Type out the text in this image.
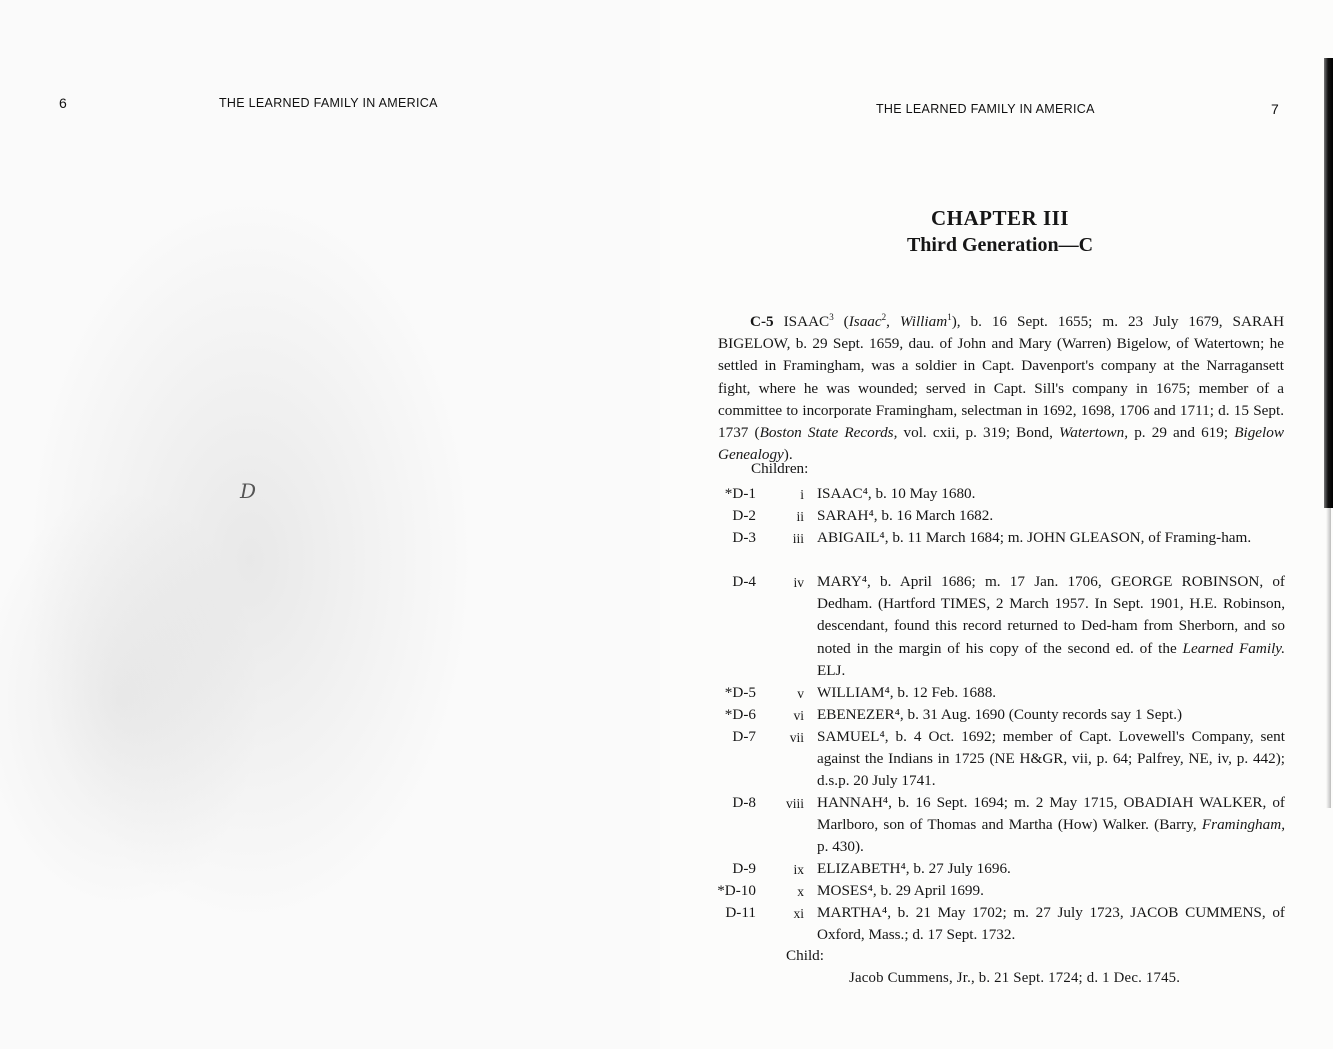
6	THE LEARNED FAMILY IN AMERICA
D
THE LEARNED FAMILY IN AMERICA	7
CHAPTER III
Third Generation—C
C-5 ISAAC$^3$ (Isaac$^2$, William$^1$), b. 16 Sept. 1655; m. 23 July 1679, SARAH BIGELOW, b. 29 Sept. 1659, dau. of John and Mary (Warren) Bigelow, of Watertown; he settled in Framingham, was a soldier in Capt. Davenport's company at the Narragansett fight, where he was wounded; served in Capt. Sill's company in 1675; member of a committee to incorporate Framingham, selectman in 1692, 1698, 1706 and 1711; d. 15 Sept. 1737 (Boston State Records, vol. cxii, p. 319; Bond, Watertown, p. 29 and 619; Bigelow Genealogy).
Children:
*D-1	i ISAAC⁴, b. 10 May 1680.
D-2	ii SARAH⁴, b. 16 March 1682.
D-3	iii ABIGAIL⁴, b. 11 March 1684; m. JOHN GLEASON, of Framing-ham.
D-4	iv MARY⁴, b. April 1686; m. 17 Jan. 1706, GEORGE ROBINSON, of Dedham. (Hartford TIMES, 2 March 1957. In Sept. 1901, H.E. Robinson, descendant, found this record returned to Ded-ham from Sherborn, and so noted in the margin of his copy of the second ed. of the Learned Family. ELJ.
*D-5	v WILLIAM⁴, b. 12 Feb. 1688.
*D-6	vi EBENEZER⁴, b. 31 Aug. 1690 (County records say 1 Sept.)
D-7	vii SAMUEL⁴, b. 4 Oct. 1692; member of Capt. Lovewell's Company, sent against the Indians in 1725 (NE H&GR, vii, p. 64; Palfrey, NE, iv, p. 442); d.s.p. 20 July 1741.
D-8	viii HANNAH⁴, b. 16 Sept. 1694; m. 2 May 1715, OBADIAH WALKER, of Marlboro, son of Thomas and Martha (How) Walker. (Barry, Framingham, p. 430).
D-9	ix ELIZABETH⁴, b. 27 July 1696.
*D-10	x MOSES⁴, b. 29 April 1699.
D-11	xi MARTHA⁴, b. 21 May 1702; m. 27 July 1723, JACOB CUMMENS, of Oxford, Mass.; d. 17 Sept. 1732.
Child:
Jacob Cummens, Jr., b. 21 Sept. 1724; d. 1 Dec. 1745.
